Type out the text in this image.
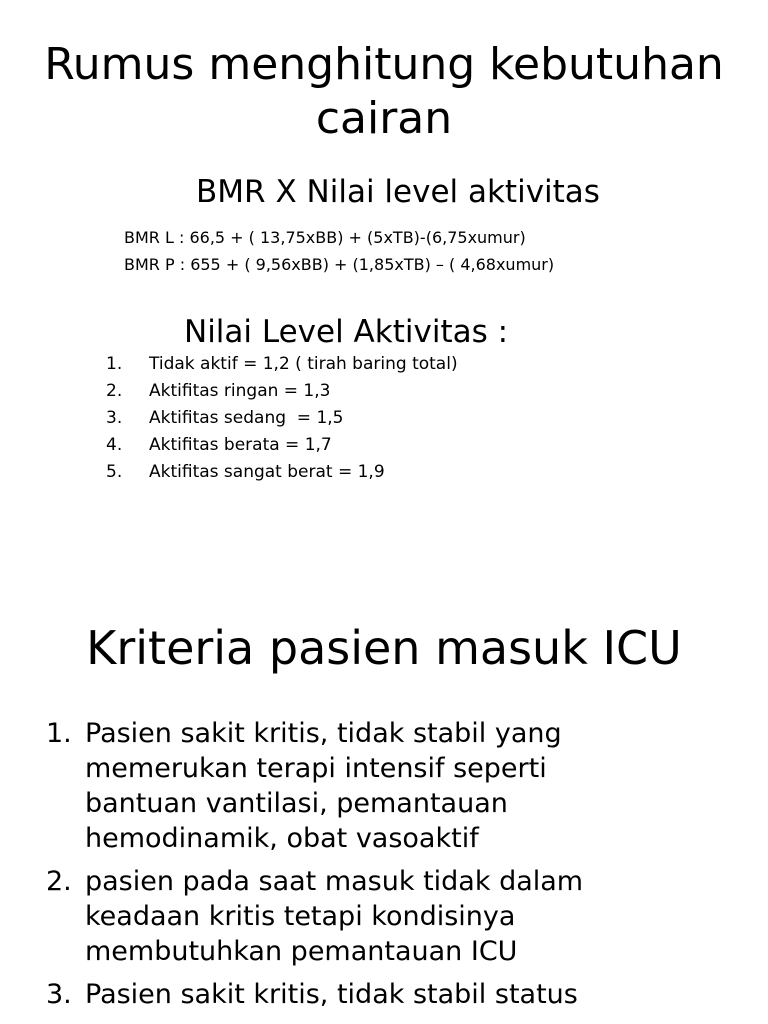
Rumus menghitung kebutuhan cairan
BMR X Nilai level aktivitas
BMR L : 66,5 + ( 13,75xBB) + (5xTB)-(6,75xumur)
BMR P : 655 + ( 9,56xBB) + (1,85xTB) – ( 4,68xumur)
Nilai Level Aktivitas :
1. Tidak aktif = 1,2 ( tirah baring total)
2. Aktifitas ringan = 1,3
3. Aktifitas sedang  = 1,5
4. Aktifitas berata = 1,7
5. Aktifitas sangat berat = 1,9
Kriteria pasien masuk ICU
1. Pasien sakit kritis, tidak stabil yang
memerukan terapi intensif seperti
bantuan vantilasi, pemantauan
hemodinamik, obat vasoaktif
2. pasien pada saat masuk tidak dalam
keadaan kritis tetapi kondisinya
membutuhkan pemantauan ICU
3. Pasien sakit kritis, tidak stabil status
